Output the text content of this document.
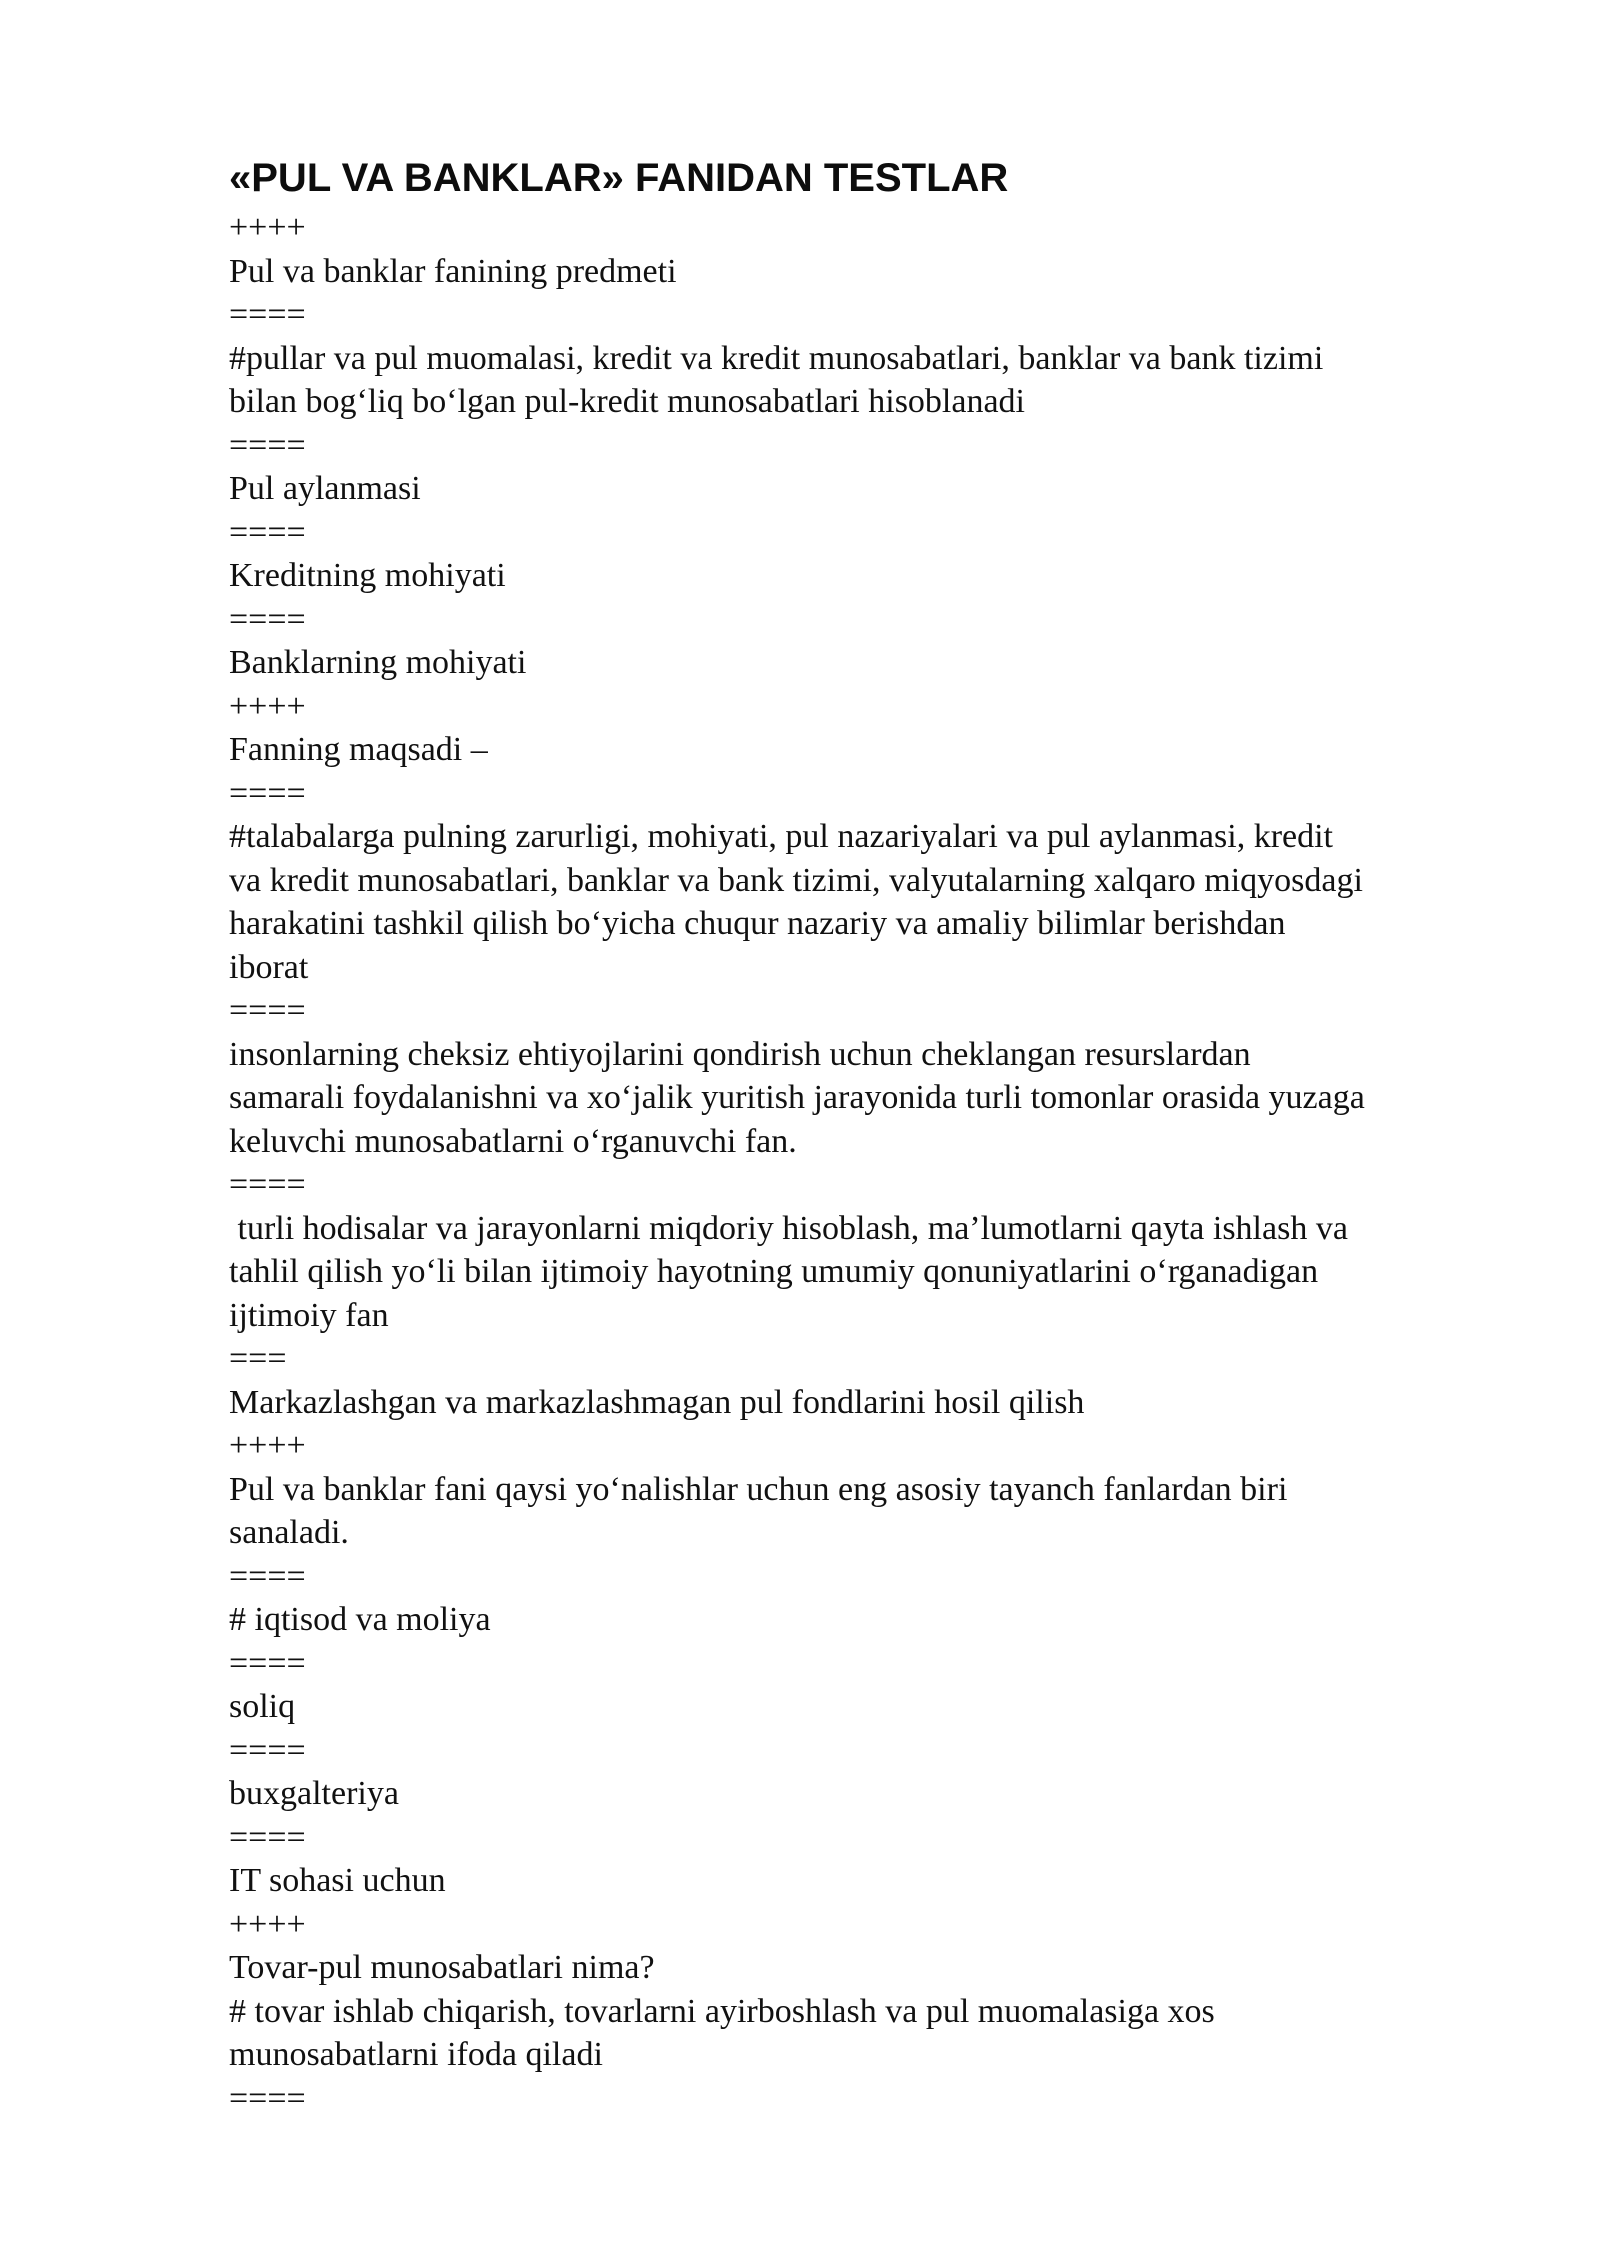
«PUL VA BANKLAR» FANIDAN TESTLAR

++++

Pul va banklar fanining predmeti

====

#pullar va pul muomalasi, kredit va kredit munosabatlari, banklar va bank tizimi

bilan bog‘liq bo‘lgan pul-kredit munosabatlari hisoblanadi

====

Pul aylanmasi

====

Kreditning mohiyati

====

Banklarning mohiyati

++++

Fanning maqsadi –

====

#talabalarga pulning zarurligi, mohiyati, pul nazariyalari va pul aylanmasi, kredit

va kredit munosabatlari, banklar va bank tizimi, valyutalarning xalqaro miqyosdagi

harakatini tashkil qilish bo‘yicha chuqur nazariy va amaliy bilimlar berishdan

iborat

====

insonlarning cheksiz ehtiyojlarini qondirish uchun cheklangan resurslardan

samarali foydalanishni va xo‘jalik yuritish jarayonida turli tomonlar orasida yuzaga

keluvchi munosabatlarni o‘rganuvchi fan.

====

turli hodisalar va jarayonlarni miqdoriy hisoblash, ma’lumotlarni qayta ishlash va

tahlil qilish yo‘li bilan ijtimoiy hayotning umumiy qonuniyatlarini o‘rganadigan

ijtimoiy fan

===

Markazlashgan va markazlashmagan pul fondlarini hosil qilish

++++

Pul va banklar fani qaysi yo‘nalishlar uchun eng asosiy tayanch fanlardan biri

sanaladi.

====

# iqtisod va moliya

====

soliq

====

buxgalteriya

====

IT sohasi uchun

++++

Tovar-pul munosabatlari nima?

# tovar ishlab chiqarish, tovarlarni ayirboshlash va pul muomalasiga xos

munosabatlarni ifoda qiladi

====
